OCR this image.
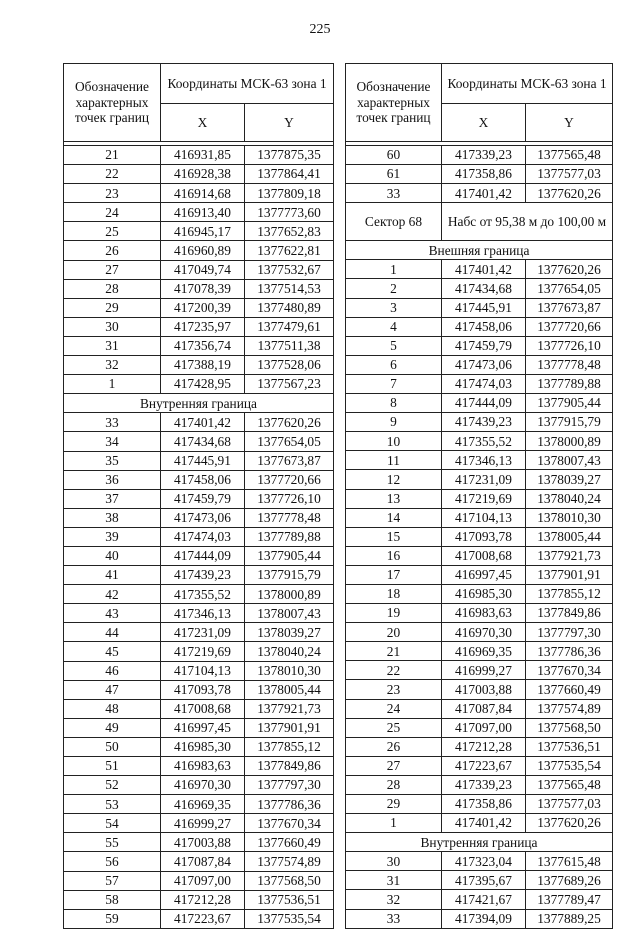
225
Обозначение характерных точек границ	Координаты МСК-63 зона 1	
	X	Y

21	416931,85	1377875,35
22	416928,38	1377864,41
23	416914,68	1377809,18
24	416913,40	1377773,60
25	416945,17	1377652,83
26	416960,89	1377622,81
27	417049,74	1377532,67
28	417078,39	1377514,53
29	417200,39	1377480,89
30	417235,97	1377479,61
31	417356,74	1377511,38
32	417388,19	1377528,06
1	417428,95	1377567,23
Внутренняя граница		
33	417401,42	1377620,26
34	417434,68	1377654,05
35	417445,91	1377673,87
36	417458,06	1377720,66
37	417459,79	1377726,10
38	417473,06	1377778,48
39	417474,03	1377789,88
40	417444,09	1377905,44
41	417439,23	1377915,79
42	417355,52	1378000,89
43	417346,13	1378007,43
44	417231,09	1378039,27
45	417219,69	1378040,24
46	417104,13	1378010,30
47	417093,78	1378005,44
48	417008,68	1377921,73
49	416997,45	1377901,91
50	416985,30	1377855,12
51	416983,63	1377849,86
52	416970,30	1377797,30
53	416969,35	1377786,36
54	416999,27	1377670,34
55	417003,88	1377660,49
56	417087,84	1377574,89
57	417097,00	1377568,50
58	417212,28	1377536,51
59	417223,67	1377535,54
Обозначение характерных точек границ	Координаты МСК-63 зона 1	
	X	Y

60	417339,23	1377565,48
61	417358,86	1377577,03
33	417401,42	1377620,26
Сектор 68	Набс от 95,38 м до 100,00 м	
Внешняя граница		
1	417401,42	1377620,26
2	417434,68	1377654,05
3	417445,91	1377673,87
4	417458,06	1377720,66
5	417459,79	1377726,10
6	417473,06	1377778,48
7	417474,03	1377789,88
8	417444,09	1377905,44
9	417439,23	1377915,79
10	417355,52	1378000,89
11	417346,13	1378007,43
12	417231,09	1378039,27
13	417219,69	1378040,24
14	417104,13	1378010,30
15	417093,78	1378005,44
16	417008,68	1377921,73
17	416997,45	1377901,91
18	416985,30	1377855,12
19	416983,63	1377849,86
20	416970,30	1377797,30
21	416969,35	1377786,36
22	416999,27	1377670,34
23	417003,88	1377660,49
24	417087,84	1377574,89
25	417097,00	1377568,50
26	417212,28	1377536,51
27	417223,67	1377535,54
28	417339,23	1377565,48
29	417358,86	1377577,03
1	417401,42	1377620,26
Внутренняя граница		
30	417323,04	1377615,48
31	417395,67	1377689,26
32	417421,67	1377789,47
33	417394,09	1377889,25
